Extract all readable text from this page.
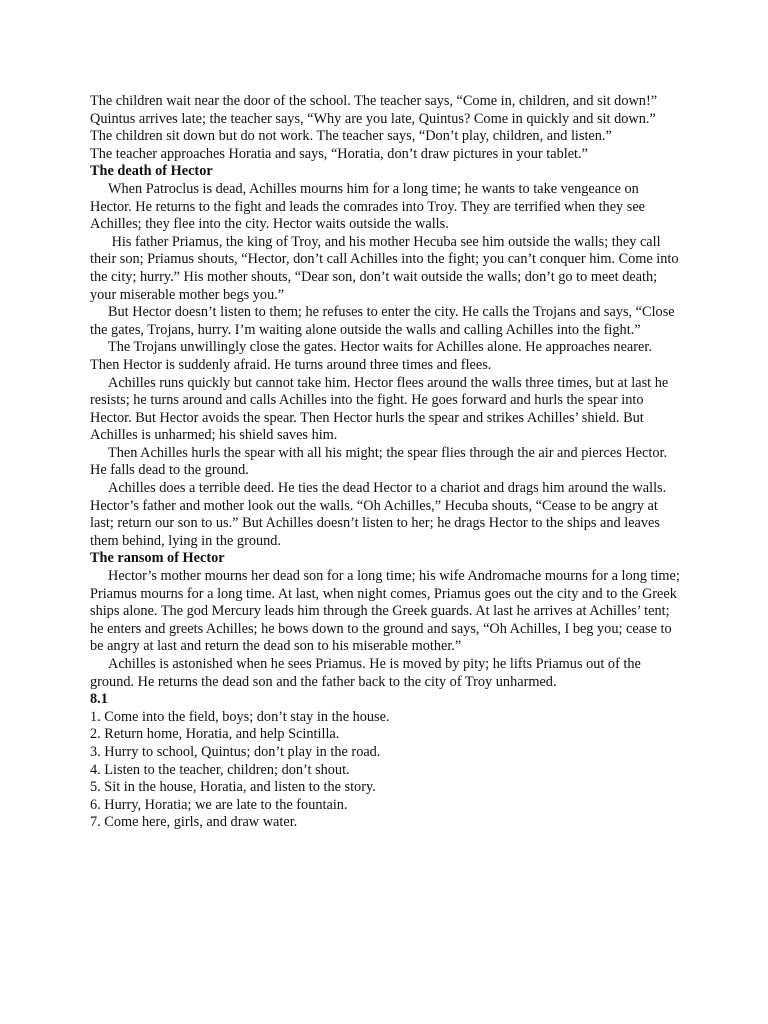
The children wait near the door of the school. The teacher says, “Come in, children, and sit down!”

Quintus arrives late; the teacher says, “Why are you late, Quintus? Come in quickly and sit down.”

The children sit down but do not work. The teacher says, “Don’t play, children, and listen.”

The teacher approaches Horatia and says, “Horatia, don’t draw pictures in your tablet.”

The death of Hector

When Patroclus is dead, Achilles mourns him for a long time; he wants to take vengeance on Hector. He returns to the fight and leads the comrades into Troy. They are terrified when they see Achilles; they flee into the city. Hector waits outside the walls.

His father Priamus, the king of Troy, and his mother Hecuba see him outside the walls; they call their son; Priamus shouts, “Hector, don’t call Achilles into the fight; you can’t conquer him. Come into the city; hurry.” His mother shouts, “Dear son, don’t wait outside the walls; don’t go to meet death; your miserable mother begs you.”

But Hector doesn’t listen to them; he refuses to enter the city. He calls the Trojans and says, “Close the gates, Trojans, hurry. I’m waiting alone outside the walls and calling Achilles into the fight.”

The Trojans unwillingly close the gates. Hector waits for Achilles alone. He approaches nearer. Then Hector is suddenly afraid. He turns around three times and flees.

Achilles runs quickly but cannot take him. Hector flees around the walls three times, but at last he resists; he turns around and calls Achilles into the fight. He goes forward and hurls the spear into Hector. But Hector avoids the spear. Then Hector hurls the spear and strikes Achilles’ shield. But Achilles is unharmed; his shield saves him.

Then Achilles hurls the spear with all his might; the spear flies through the air and pierces Hector. He falls dead to the ground.

Achilles does a terrible deed. He ties the dead Hector to a chariot and drags him around the walls. Hector’s father and mother look out the walls. “Oh Achilles,” Hecuba shouts, “Cease to be angry at last; return our son to us.” But Achilles doesn’t listen to her; he drags Hector to the ships and leaves them behind, lying in the ground.

The ransom of Hector

Hector’s mother mourns her dead son for a long time; his wife Andromache mourns for a long time; Priamus mourns for a long time. At last, when night comes, Priamus goes out the city and to the Greek ships alone. The god Mercury leads him through the Greek guards. At last he arrives at Achilles’ tent; he enters and greets Achilles; he bows down to the ground and says, “Oh Achilles, I beg you; cease to be angry at last and return the dead son to his miserable mother.”

Achilles is astonished when he sees Priamus. He is moved by pity; he lifts Priamus out of the ground. He returns the dead son and the father back to the city of Troy unharmed.

8.1

1. Come into the field, boys; don’t stay in the house.

2. Return home, Horatia, and help Scintilla.

3. Hurry to school, Quintus; don’t play in the road.

4. Listen to the teacher, children; don’t shout.

5. Sit in the house, Horatia, and listen to the story.

6. Hurry, Horatia; we are late to the fountain.

7. Come here, girls, and draw water.
